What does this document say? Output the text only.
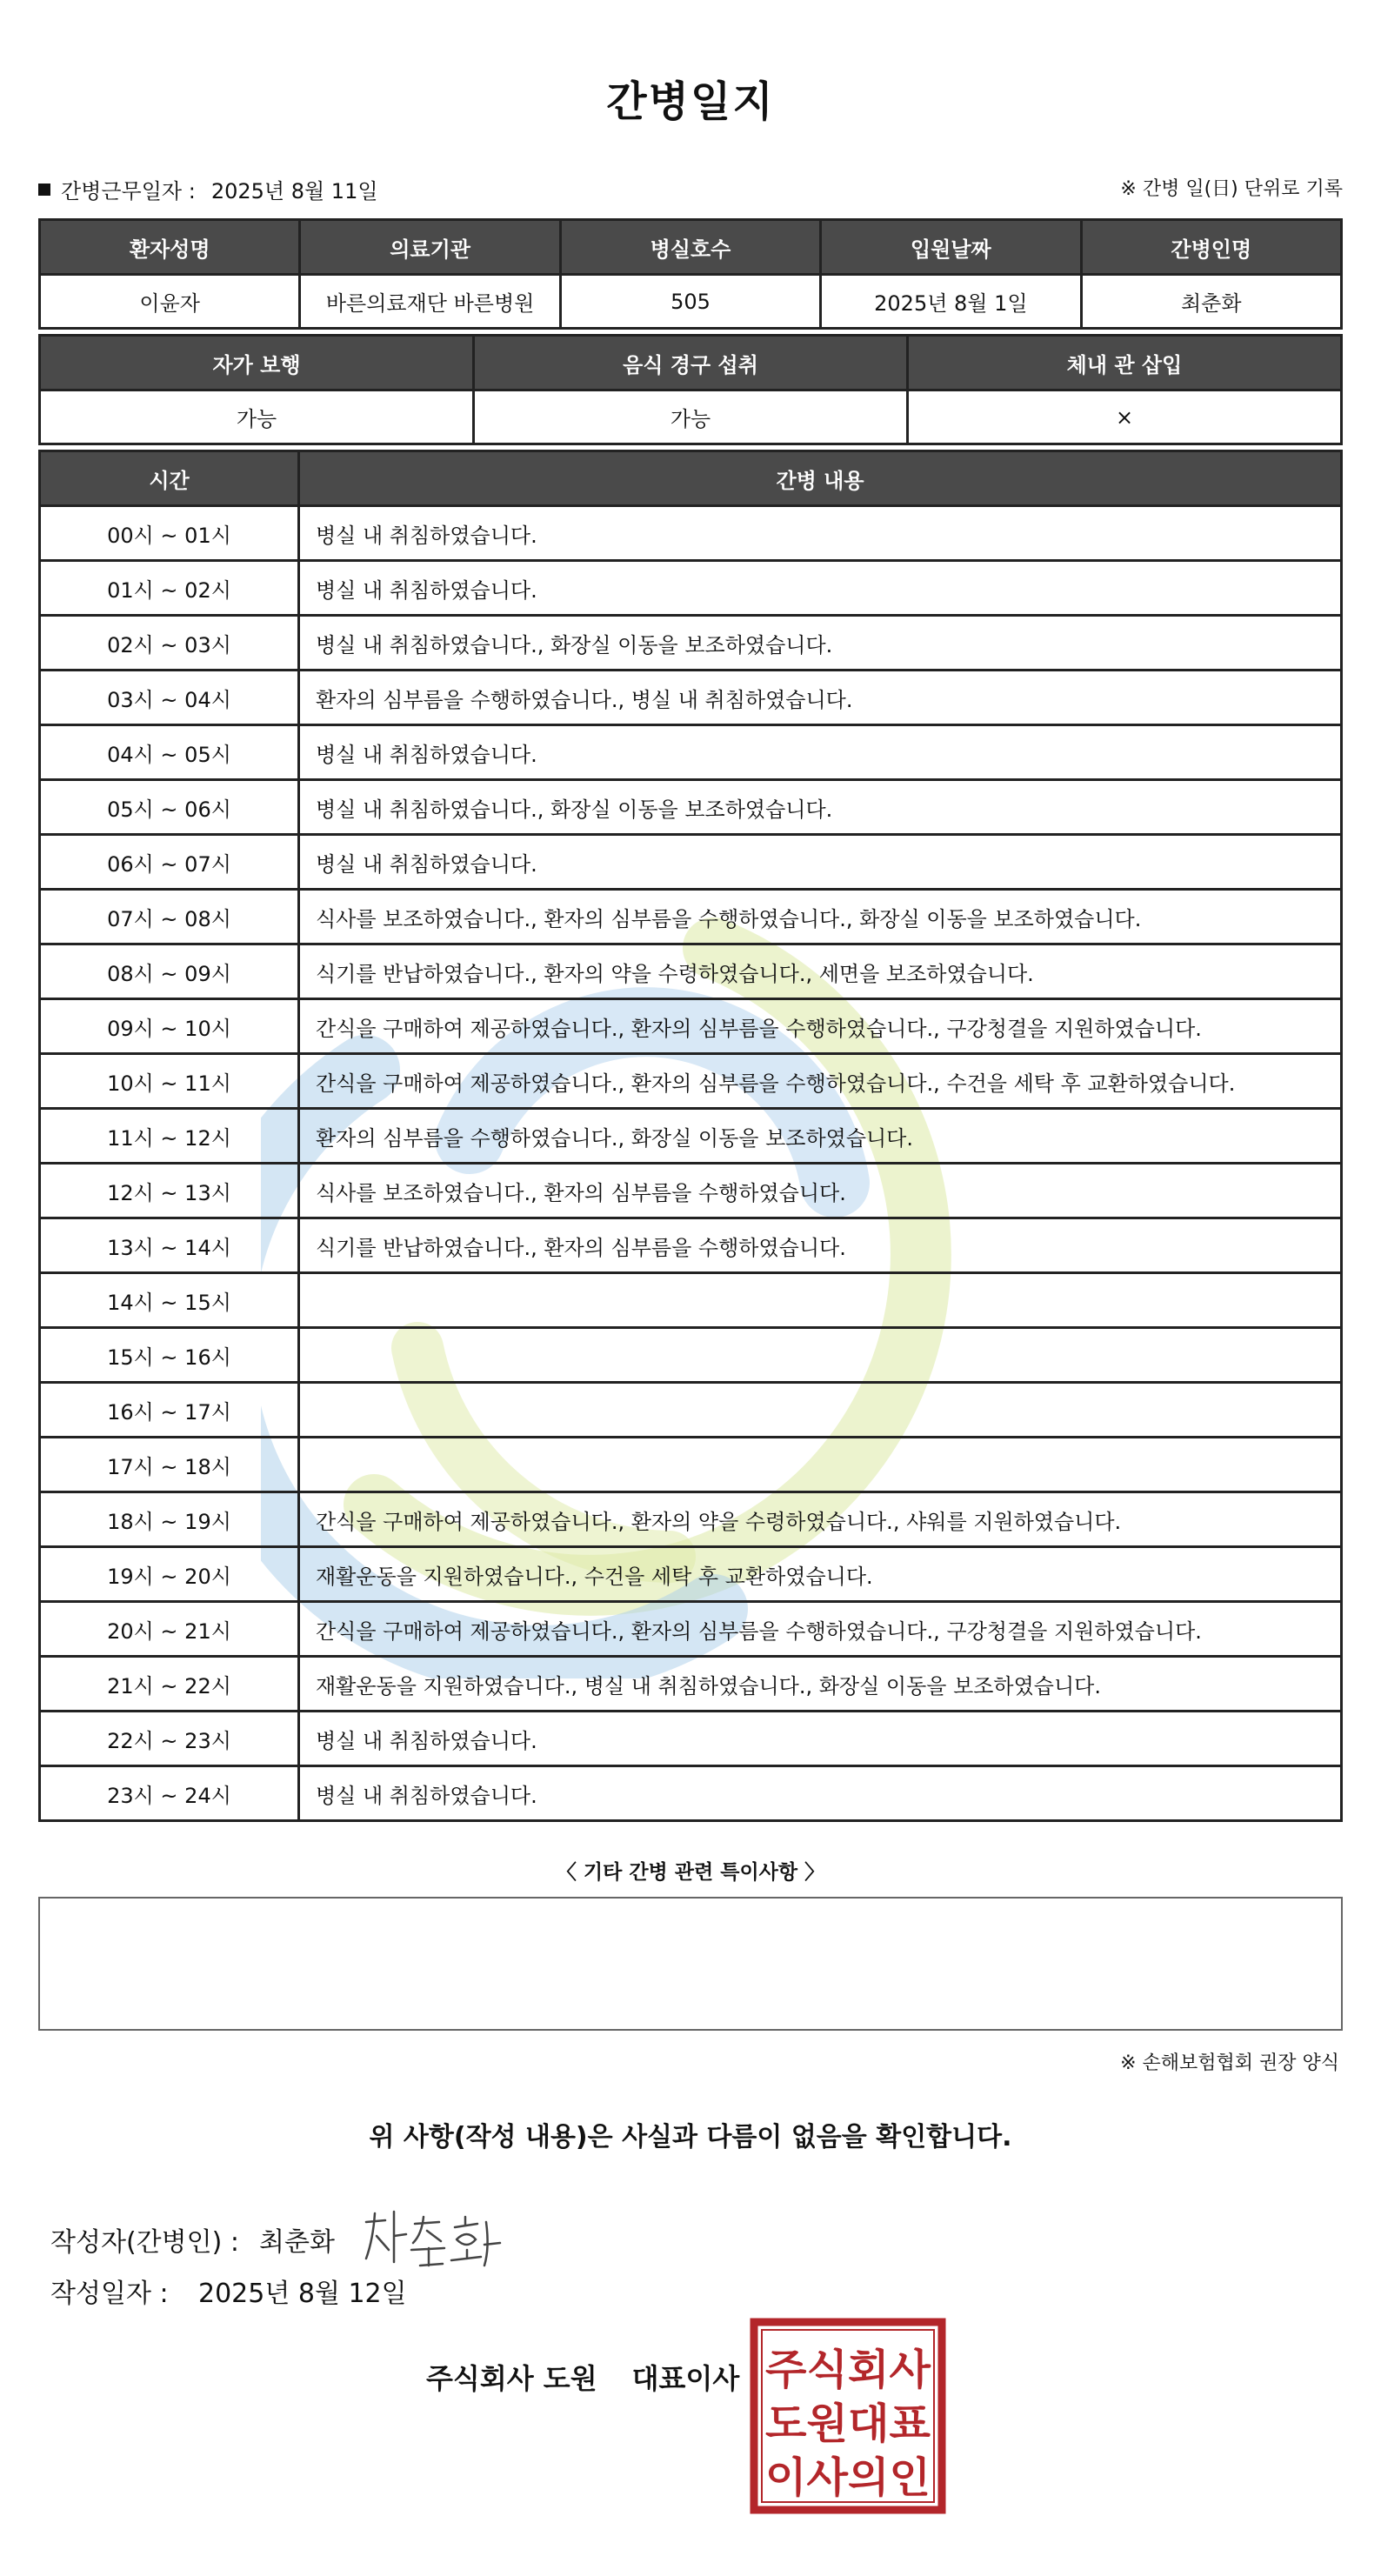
간병일지
간병근무일자 : 2025년 8월 11일	※ 간병 일(日) 단위로 기록
환자성명	의료기관	병실호수	입원날짜	간병인명
이윤자	바른의료재단 바른병원	505	2025년 8월 1일	최춘화
자가 보행	음식 경구 섭취	체내 관 삽입
가능	가능	×
시간	간병 내용
00시 ~ 01시	병실 내 취침하였습니다.
01시 ~ 02시	병실 내 취침하였습니다.
02시 ~ 03시	병실 내 취침하였습니다., 화장실 이동을 보조하였습니다.
03시 ~ 04시	환자의 심부름을 수행하였습니다., 병실 내 취침하였습니다.
04시 ~ 05시	병실 내 취침하였습니다.
05시 ~ 06시	병실 내 취침하였습니다., 화장실 이동을 보조하였습니다.
06시 ~ 07시	병실 내 취침하였습니다.
07시 ~ 08시	식사를 보조하였습니다., 환자의 심부름을 수행하였습니다., 화장실 이동을 보조하였습니다.
08시 ~ 09시	식기를 반납하였습니다., 환자의 약을 수령하였습니다., 세면을 보조하였습니다.
09시 ~ 10시	간식을 구매하여 제공하였습니다., 환자의 심부름을 수행하였습니다., 구강청결을 지원하였습니다.
10시 ~ 11시	간식을 구매하여 제공하였습니다., 환자의 심부름을 수행하였습니다., 수건을 세탁 후 교환하였습니다.
11시 ~ 12시	환자의 심부름을 수행하였습니다., 화장실 이동을 보조하였습니다.
12시 ~ 13시	식사를 보조하였습니다., 환자의 심부름을 수행하였습니다.
13시 ~ 14시	식기를 반납하였습니다., 환자의 심부름을 수행하였습니다.
14시 ~ 15시	
15시 ~ 16시	
16시 ~ 17시	
17시 ~ 18시	
18시 ~ 19시	간식을 구매하여 제공하였습니다., 환자의 약을 수령하였습니다., 샤워를 지원하였습니다.
19시 ~ 20시	재활운동을 지원하였습니다., 수건을 세탁 후 교환하였습니다.
20시 ~ 21시	간식을 구매하여 제공하였습니다., 환자의 심부름을 수행하였습니다., 구강청결을 지원하였습니다.
21시 ~ 22시	재활운동을 지원하였습니다., 병실 내 취침하였습니다., 화장실 이동을 보조하였습니다.
22시 ~ 23시	병실 내 취침하였습니다.
23시 ~ 24시	병실 내 취침하였습니다.
〈 기타 간병 관련 특이사항 〉
※ 손해보험협회 권장 양식
위 사항(작성 내용)은 사실과 다름이 없음을 확인합니다.
작성자(간병인) : 최춘화
작성일자 :	2025년 8월 12일
주식회사 도원 대표이사 주식회사
도원대표
이사의인
